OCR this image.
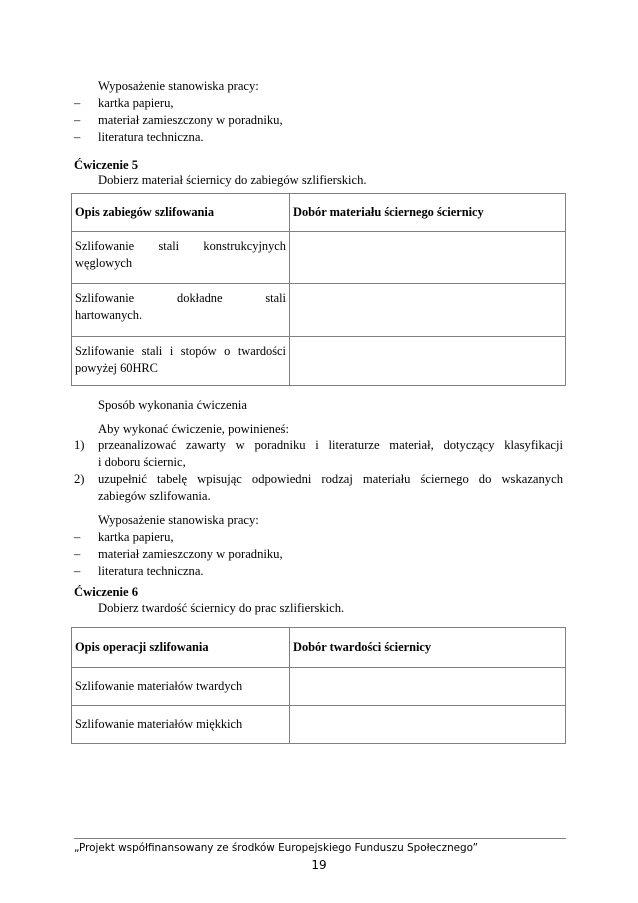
Wyposażenie stanowiska pracy:
–	kartka papieru,
–	materiał zamieszczony w poradniku,
–	literatura techniczna.
Ćwiczenie 5
Dobierz materiał ściernicy do zabiegów szlifierskich.
Opis zabiegów szlifowania	Dobór materiału ściernego ściernicy

Szlifowanie stali konstrukcyjnych
węglowych	

Szlifowanie dokładne stali
hartowanych.	

Szlifowanie stali i stopów o twardości
powyżej 60HRC	

Sposób wykonania ćwiczenia
Aby wykonać ćwiczenie, powinieneś:
1) przeanalizować zawarty w poradniku i literaturze materiał, dotyczący klasyfikacji
i doboru ściernic,
2) uzupełnić tabelę wpisując odpowiedni rodzaj materiału ściernego do wskazanych
zabiegów szlifowania.
Wyposażenie stanowiska pracy:
–	kartka papieru,
–	materiał zamieszczony w poradniku,
–	literatura techniczna.
Ćwiczenie 6
Dobierz twardość ściernicy do prac szlifierskich.
Opis operacji szlifowania	Dobór twardości ściernicy
Szlifowanie materiałów twardych	
Szlifowanie materiałów miękkich	
„Projekt współfinansowany ze środków Europejskiego Funduszu Społecznego”
19
